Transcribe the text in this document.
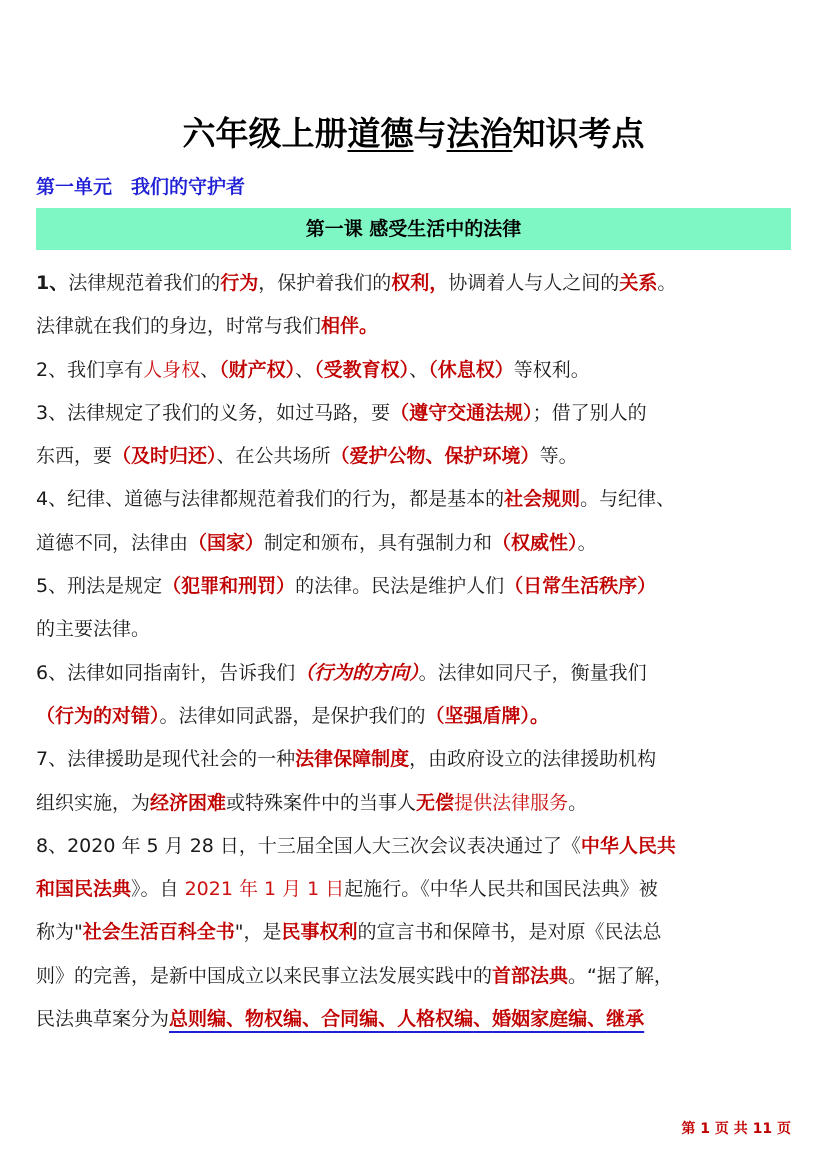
六年级上册道德与法治知识考点
第一单元　我们的守护者
第一课 感受生活中的法律
1、法律规范着我们的行为，保护着我们的权利，协调着人与人之间的关系。
法律就在我们的身边，时常与我们相伴。
2、我们享有人身权、（财产权）、（受教育权）、（休息权）等权利。
3、法律规定了我们的义务，如过马路，要（遵守交通法规）；借了别人的
东西，要（及时归还）、在公共场所（爱护公物、保护环境）等。
4、纪律、道德与法律都规范着我们的行为，都是基本的社会规则。与纪律、
道德不同，法律由（国家）制定和颁布，具有强制力和（权威性）。
5、刑法是规定（犯罪和刑罚）的法律。民法是维护人们（日常生活秩序）
的主要法律。
6、法律如同指南针，告诉我们（行为的方向）。法律如同尺子，衡量我们
（行为的对错）。法律如同武器，是保护我们的（坚强盾牌）。
7、法律援助是现代社会的一种法律保障制度，由政府设立的法律援助机构
组织实施，为经济困难或特殊案件中的当事人无偿提供法律服务。
8、2020 年 5 月 28 日，十三届全国人大三次会议表决通过了《中华人民共
和国民法典》。自 2021 年 1 月 1 日起施行。《中华人民共和国民法典》被
称为"社会生活百科全书"，是民事权利的宣言书和保障书，是对原《民法总
则》的完善，是新中国成立以来民事立法发展实践中的首部法典。“据了解，
民法典草案分为总则编、物权编、合同编、人格权编、婚姻家庭编、继承
第 1 页 共 11 页
